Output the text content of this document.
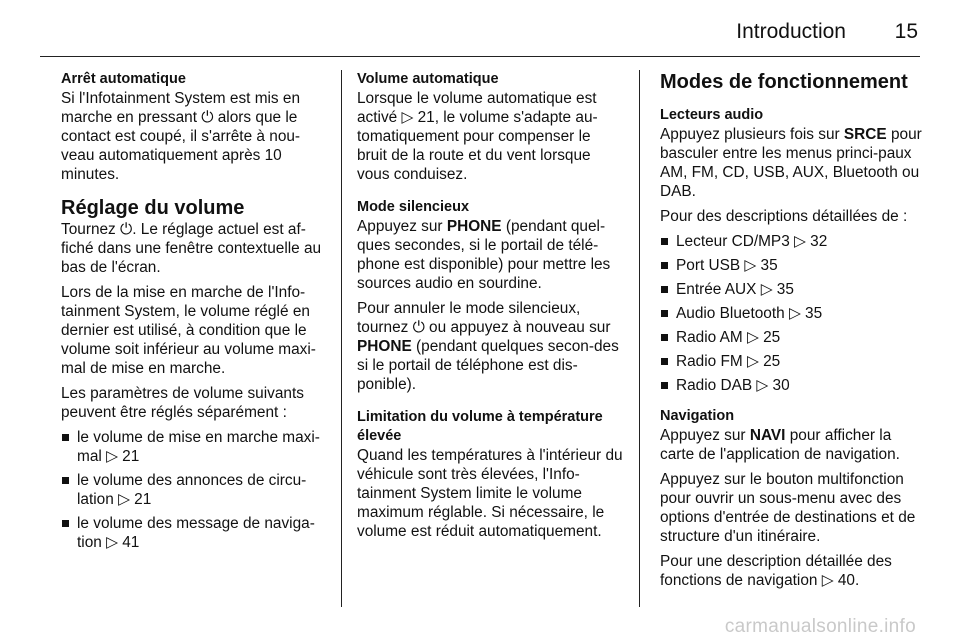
Introduction 15

Arrêt automatique

Si l'Infotainment System est mis en marche en pressant ⏻ alors que le contact est coupé, il s'arrête à nou-veau automatiquement après 10 minutes.

Réglage du volume

Tournez ⏻. Le réglage actuel est af-fiché dans une fenêtre contextuelle au bas de l'écran.

Lors de la mise en marche de l'Info-tainment System, le volume réglé en dernier est utilisé, à condition que le volume soit inférieur au volume maxi-mal de mise en marche.

Les paramètres de volume suivants peuvent être réglés séparément :

le volume de mise en marche maxi-mal ▷ 21
le volume des annonces de circu-lation ▷ 21
le volume des message de naviga-tion ▷ 41

Volume automatique

Lorsque le volume automatique est activé ▷ 21, le volume s'adapte au-tomatiquement pour compenser le bruit de la route et du vent lorsque vous conduisez.

Mode silencieux

Appuyez sur PHONE (pendant quel-ques secondes, si le portail de télé-phone est disponible) pour mettre les sources audio en sourdine.

Pour annuler le mode silencieux, tournez ⏻ ou appuyez à nouveau sur PHONE (pendant quelques secon-des si le portail de téléphone est dis-ponible).

Limitation du volume à température élevée

Quand les températures à l'intérieur du véhicule sont très élevées, l'Info-tainment System limite le volume maximum réglable. Si nécessaire, le volume est réduit automatiquement.

Modes de fonctionnement

Lecteurs audio

Appuyez plusieurs fois sur SRCE pour basculer entre les menus princi-paux AM, FM, CD, USB, AUX, Bluetooth ou DAB.

Pour des descriptions détaillées de :

Lecteur CD/MP3 ▷ 32
Port USB ▷ 35
Entrée AUX ▷ 35
Audio Bluetooth ▷ 35
Radio AM ▷ 25
Radio FM ▷ 25
Radio DAB ▷ 30

Navigation

Appuyez sur NAVI pour afficher la carte de l'application de navigation.

Appuyez sur le bouton multifonction pour ouvrir un sous-menu avec des options d'entrée de destinations et de structure d'un itinéraire.

Pour une description détaillée des fonctions de navigation ▷ 40.

carmanualsonline.info
